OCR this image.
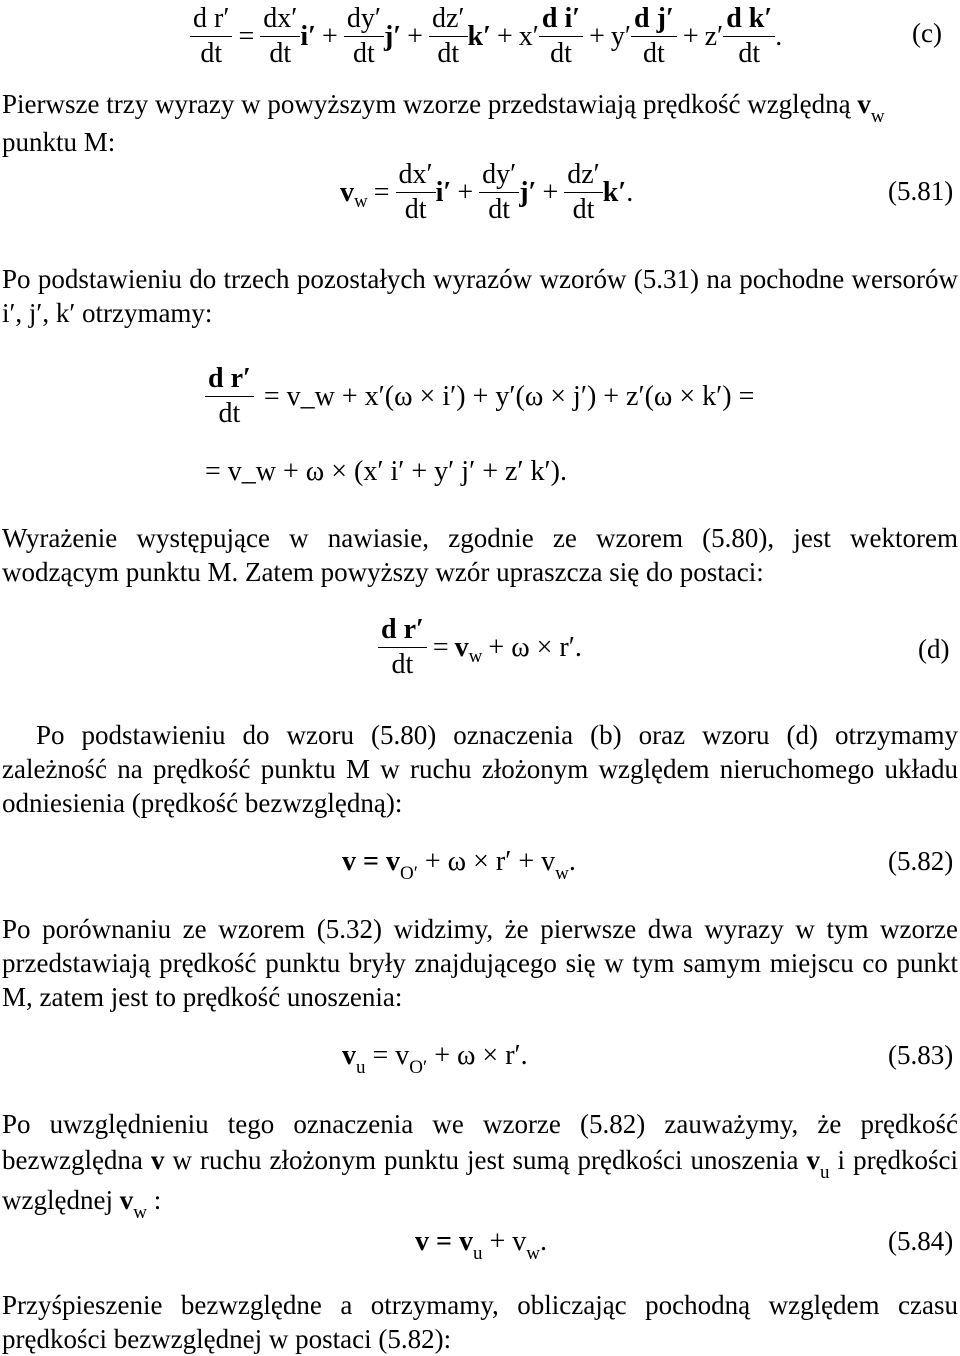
$\frac{\text{d r′}}{dt} = \frac{dx'}{dt} i' + \frac{dy'}{dt} j' + \frac{dz'}{dt} k' + x' \frac{\text{d i′}}{dt} + y' \frac{\text{d j′}}{dt} + z' \frac{\text{d k′}}{dt}$ .	(c)
Pierwsze trzy wyrazy w powyższym wzorze przedstawiają prędkość względną $v_w$
punktu M:
v $w = \frac{dx'}{dt} i' + \frac{dy'}{dt} j' + \frac{dz'}{dt} k'$ .	(5.81)
Po podstawieniu do trzech pozostałych wyrazów wzorów (5.31) na pochodne wersorów i′, j′, k′ otrzymamy:
$\frac{\text{d r′}}{dt}$ = v_w + x′(ω × i′) + y′(ω × j′) + z′(ω × k′) =
= v_w + ω × (x′ i′ + y′ j′ + z′ k′).
Wyrażenie występujące w nawiasie, zgodnie ze wzorem (5.80), jest wektorem wodzącym punktu M. Zatem powyższy wzór upraszcza się do postaci:
$\frac{\text{d r′}}{dt} = v$ w + ω × r′.	(d)
Po podstawieniu do wzoru (5.80) oznaczenia (b) oraz wzoru (d) otrzymamy zależność na prędkość punktu M w ruchu złożonym względem nieruchomego układu odniesienia (prędkość bezwzględną):
$v = v_{O'} + \omega \times r' + v_w$.	(5.82)
Po porównaniu ze wzorem (5.32) widzimy, że pierwsze dwa wyrazy w tym wzorze przedstawiają prędkość punktu bryły znajdującego się w tym samym miejscu co punkt M, zatem jest to prędkość unoszenia:
$v_u = v_{O'} + \omega \times r'$.	(5.83)
Po uwzględnieniu tego oznaczenia we wzorze (5.82) zauważymy, że prędkość bezwzględna v w ruchu złożonym punktu jest sumą prędkości unoszenia $v_u$ i prędkości względnej $v_w$ :
$v = v_u + v_w$.	(5.84)
Przyśpieszenie bezwzględne a otrzymamy, obliczając pochodną względem czasu prędkości bezwzględnej w postaci (5.82):
